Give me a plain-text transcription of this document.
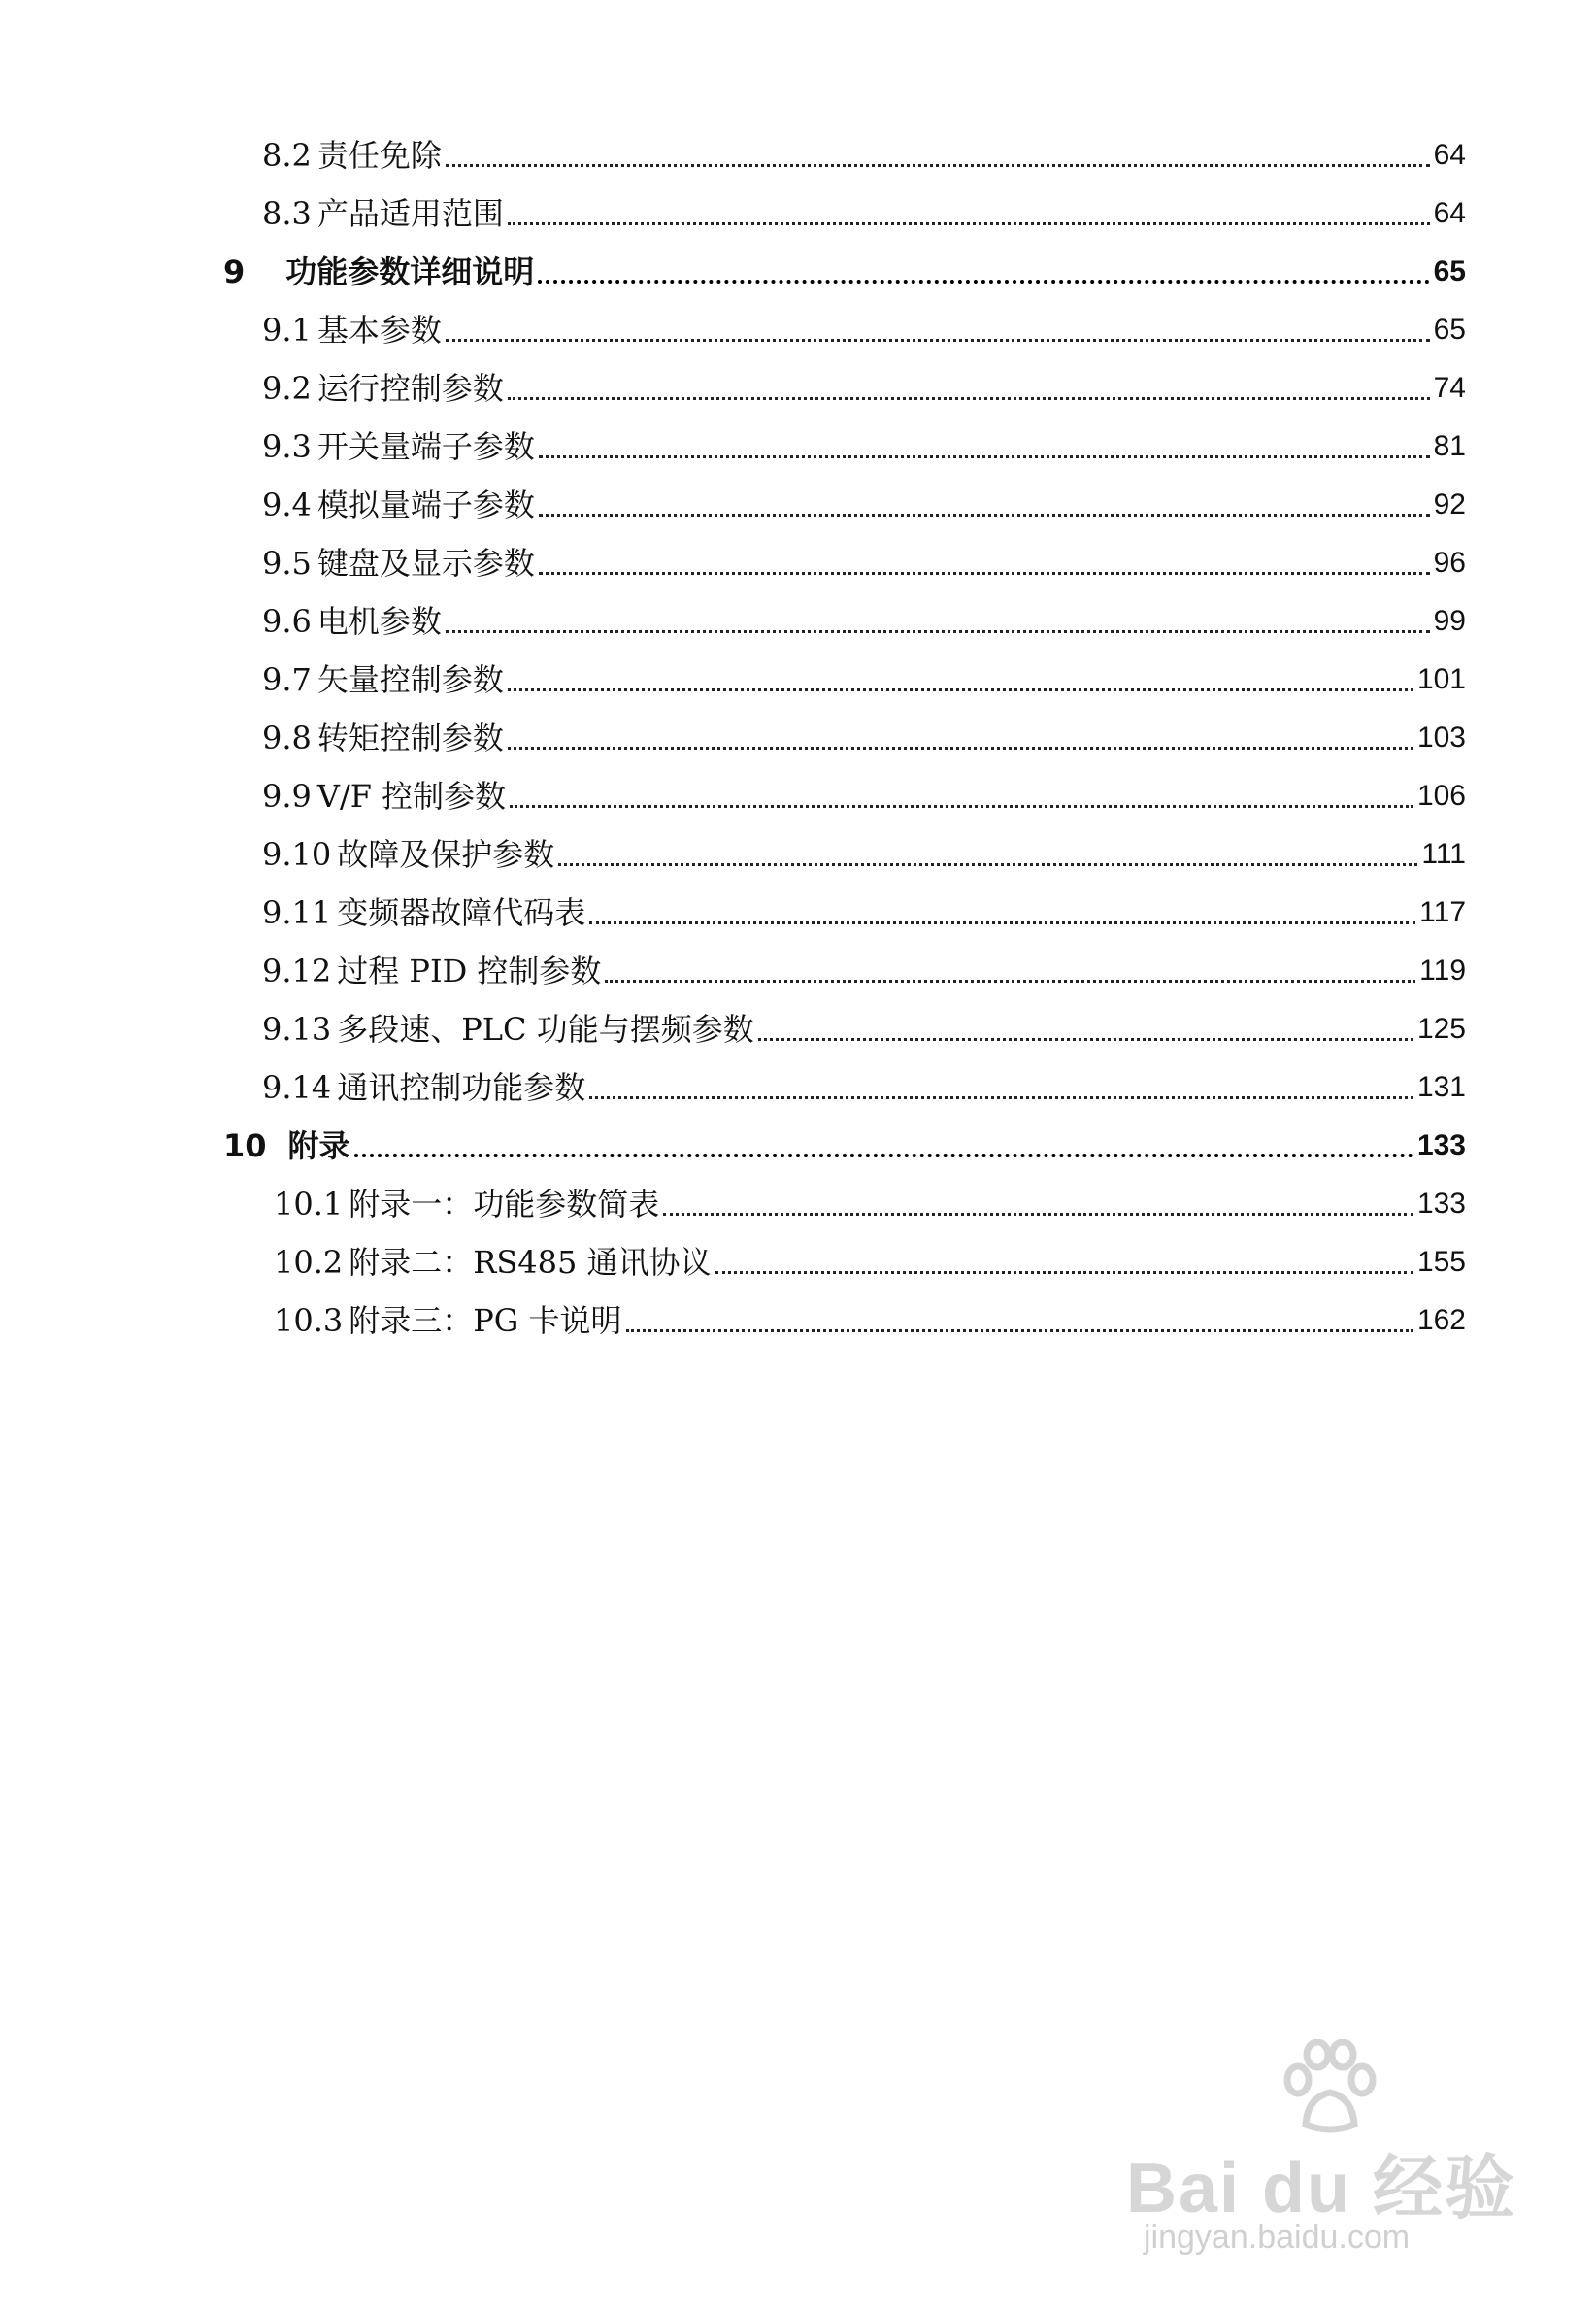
8.2 责任免除	64
8.3 产品适用范围	64
9 功能参数详细说明	65
9.1 基本参数	65
9.2 运行控制参数	74
9.3 开关量端子参数	81
9.4 模拟量端子参数	92
9.5 键盘及显示参数	96
9.6 电机参数	99
9.7 矢量控制参数	101
9.8 转矩控制参数	103
9.9 V/F 控制参数	106
9.10 故障及保护参数	111
9.11 变频器故障代码表	117
9.12 过程 PID 控制参数	119
9.13 多段速、PLC 功能与摆频参数	125
9.14 通讯控制功能参数	131
10 附录	133
10.1 附录一：功能参数简表	133
10.2 附录二：RS485 通讯协议	155
10.3 附录三：PG 卡说明	162
Bai du 经验
jingyan.baidu.com
